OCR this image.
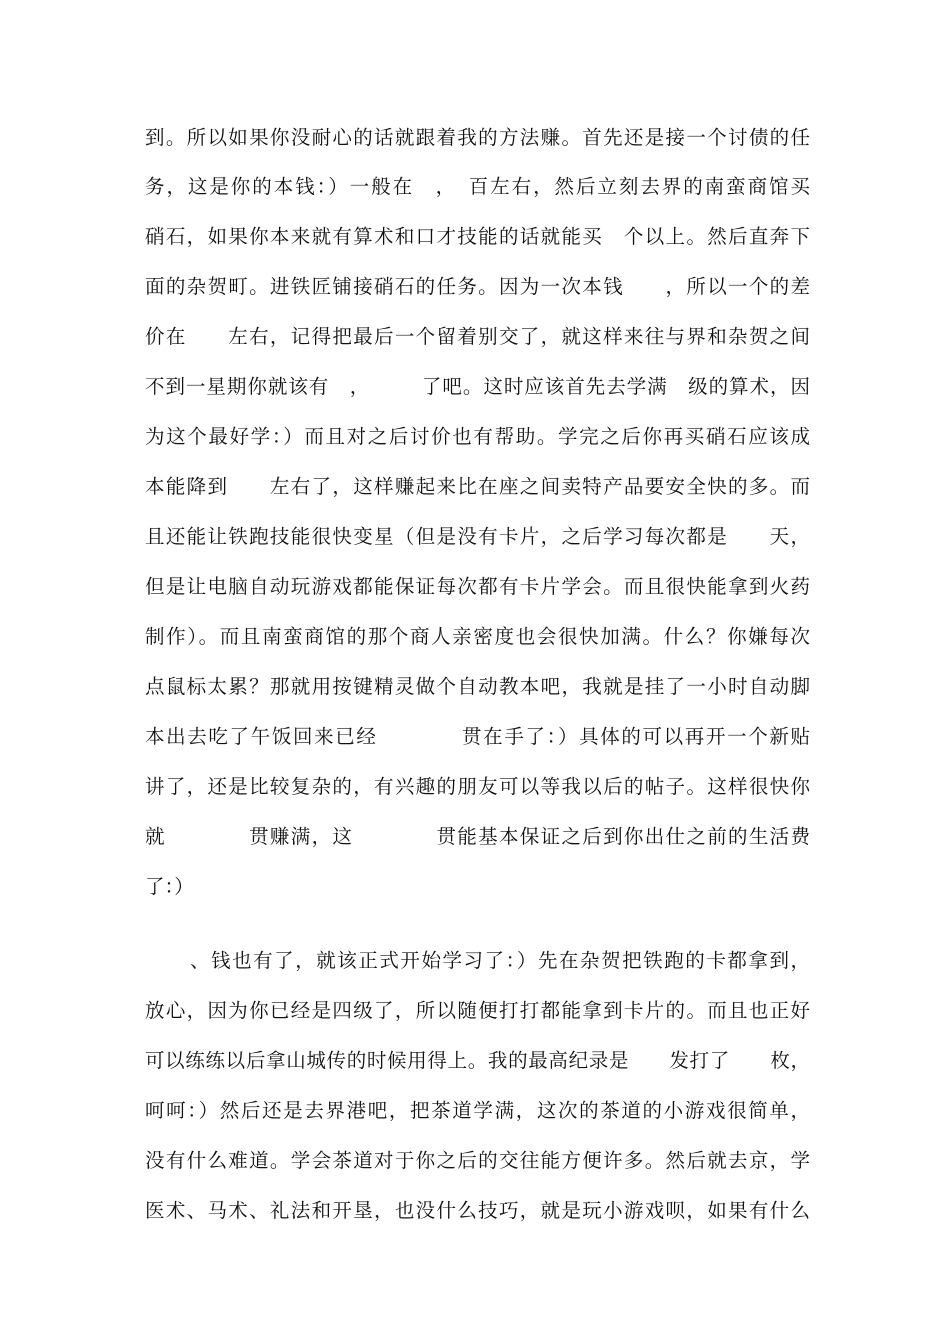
到。所以如果你没耐心的话就跟着我的方法赚。首先还是接一个讨债的任

务，这是你的本钱：）一般在　，　百左右，然后立刻去界的南蛮商馆买

硝石，如果你本来就有算术和口才技能的话就能买　个以上。然后直奔下

面的杂贺町。进铁匠铺接硝石的任务。因为一次本钱　　，所以一个的差

价在　　左右，记得把最后一个留着别交了，就这样来往与界和杂贺之间

不到一星期你就该有　，　　　了吧。这时应该首先去学满　级的算术，因

为这个最好学：）而且对之后讨价也有帮助。学完之后你再买硝石应该成

本能降到　　左右了，这样赚起来比在座之间卖特产品要安全快的多。而

且还能让铁跑技能很快变星（但是没有卡片，之后学习每次都是　　天，

但是让电脑自动玩游戏都能保证每次都有卡片学会。而且很快能拿到火药

制作）。而且南蛮商馆的那个商人亲密度也会很快加满。什么？你嫌每次

点鼠标太累？那就用按键精灵做个自动教本吧，我就是挂了一小时自动脚

本出去吃了午饭回来已经　　　　贯在手了：）具体的可以再开一个新贴

讲了，还是比较复杂的，有兴趣的朋友可以等我以后的帖子。这样很快你

就　　　　贯赚满，这　　　　贯能基本保证之后到你出仕之前的生活费

了：）

、钱也有了，就该正式开始学习了：）先在杂贺把铁跑的卡都拿到，

放心，因为你已经是四级了，所以随便打打都能拿到卡片的。而且也正好

可以练练以后拿山城传的时候用得上。我的最高纪录是　　发打了　　枚，

呵呵：）然后还是去界港吧，把茶道学满，这次的茶道的小游戏很简单，

没有什么难道。学会茶道对于你之后的交往能方便许多。然后就去京，学

医术、马术、礼法和开垦，也没什么技巧，就是玩小游戏呗，如果有什么
